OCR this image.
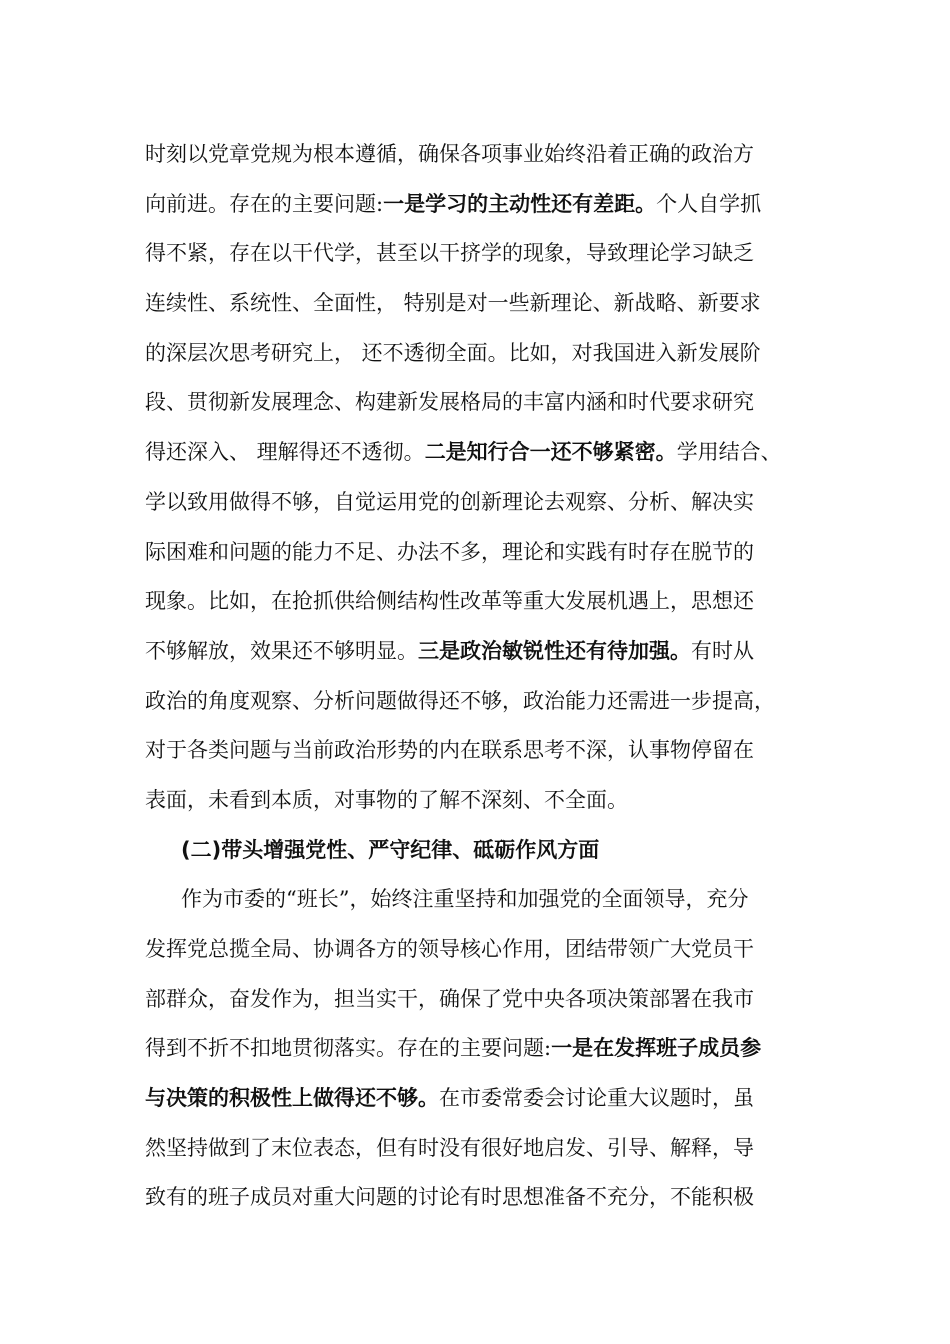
时刻以党章党规为根本遵循，确保各项事业始终沿着正确的政治方
向前进。存在的主要问题:一是学习的主动性还有差距。个人自学抓
得不紧，存在以干代学，甚至以干挤学的现象，导致理论学习缺乏
连续性、系统性、全面性， 特别是对一些新理论、新战略、新要求
的深层次思考研究上， 还不透彻全面。比如，对我国进入新发展阶
段、贯彻新发展理念、构建新发展格局的丰富内涵和时代要求研究
得还深入、 理解得还不透彻。二是知行合一还不够紧密。学用结合、
学以致用做得不够，自觉运用党的创新理论去观察、分析、解决实
际困难和问题的能力不足、办法不多，理论和实践有时存在脱节的
现象。比如，在抢抓供给侧结构性改革等重大发展机遇上，思想还
不够解放，效果还不够明显。三是政治敏锐性还有待加强。有时从
政治的角度观察、分析问题做得还不够，政治能力还需进一步提高，
对于各类问题与当前政治形势的内在联系思考不深，认事物停留在
表面，未看到本质，对事物的了解不深刻、不全面。
(二)带头增强党性、严守纪律、砥砺作风方面
作为市委的“班长”，始终注重坚持和加强党的全面领导，充分
发挥党总揽全局、协调各方的领导核心作用，团结带领广大党员干
部群众，奋发作为，担当实干，确保了党中央各项决策部署在我市
得到不折不扣地贯彻落实。存在的主要问题:一是在发挥班子成员参
与决策的积极性上做得还不够。在市委常委会讨论重大议题时，虽
然坚持做到了末位表态，但有时没有很好地启发、引导、解释，导
致有的班子成员对重大问题的讨论有时思想准备不充分，不能积极
